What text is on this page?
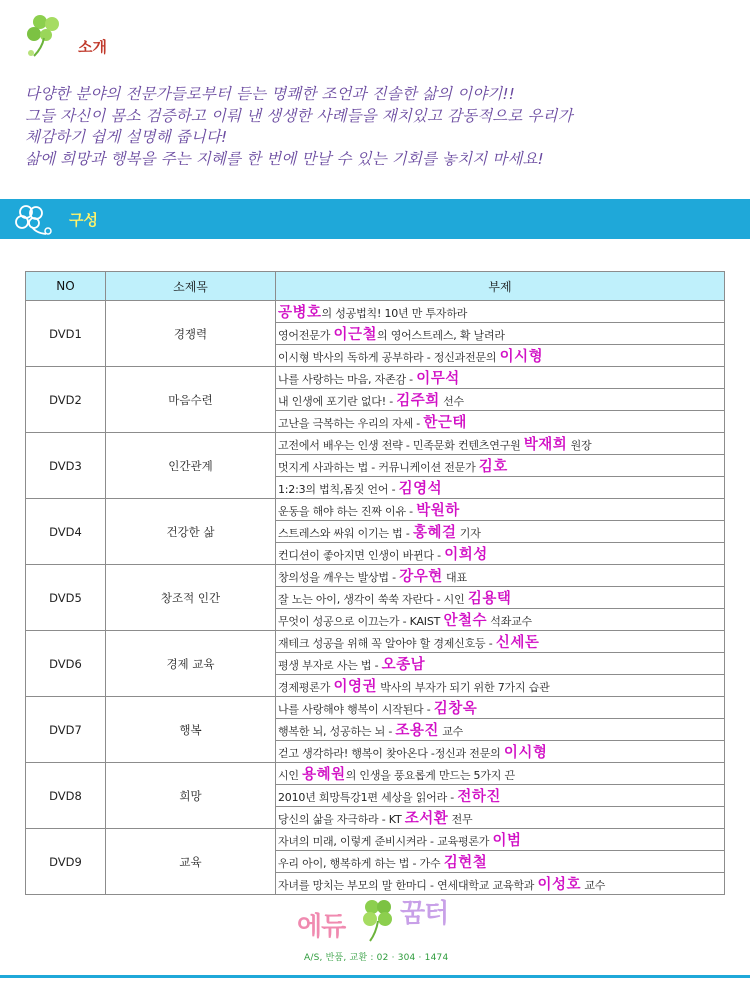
소개
다양한 분야의 전문가들로부터 듣는 명쾌한 조언과 진솔한 삶의 이야기!!
그들 자신이 몸소 검증하고 이뤄 낸 생생한 사례들을 재치있고 감동적으로 우리가
체감하기 쉽게 설명해 줍니다!
삶에 희망과 행복을 주는 지혜를 한 번에 만날 수 있는 기회를 놓치지 마세요!
구성
NO	소제목	부제
DVD1	경쟁력	공병호의 성공법칙! 10년 만 투자하라
		영어전문가 이근철의 영어스트레스, 확 날려라
		이시형 박사의 독하게 공부하라 - 정신과전문의 이시형
DVD2	마음수련	나를 사랑하는 마음, 자존감 - 이무석
		내 인생에 포기란 없다! - 김주희 선수
		고난을 극복하는 우리의 자세 - 한근태
DVD3	인간관계	고전에서 배우는 인생 전략 - 민족문화 컨텐츠연구원 박재희 원장
		멋지게 사과하는 법 - 커뮤니케이션 전문가 김호
		1:2:3의 법칙,몸짓 언어 - 김영석
DVD4	건강한 삶	운동을 해야 하는 진짜 이유 - 박원하
		스트레스와 싸워 이기는 법 - 홍혜걸 기자
		컨디션이 좋아지면 인생이 바뀐다 - 이희성
DVD5	창조적 인간	창의성을 깨우는 발상법 - 강우현 대표
		잘 노는 아이, 생각이 쑥쑥 자란다 - 시인 김용택
		무엇이 성공으로 이끄는가 - KAIST 안철수 석좌교수
DVD6	경제 교육	재테크 성공을 위해 꼭 알아야 할 경제신호등 - 신세돈
		평생 부자로 사는 법 - 오종남
		경제평론가 이영권 박사의 부자가 되기 위한 7가지 습관
DVD7	행복	나를 사랑해야 행복이 시작된다 - 김창옥
		행복한 뇌, 성공하는 뇌 - 조용진 교수
		걷고 생각하라! 행복이 찾아온다 -정신과 전문의 이시형
DVD8	희망	시인 용혜원의 인생을 풍요롭게 만드는 5가지 끈
		2010년 희망특강1편 세상을 읽어라 - 전하진
		당신의 삶을 자극하라 - KT 조서환 전무
DVD9	교육	자녀의 미래, 이렇게 준비시켜라 - 교육평론가 이범
		우리 아이, 행복하게 하는 법 - 가수 김현철
		자녀를 망치는 부모의 말 한마디 - 연세대학교 교육학과 이성호 교수
에듀 꿈터
A/S, 반품, 교환 : 02 · 304 · 1474
